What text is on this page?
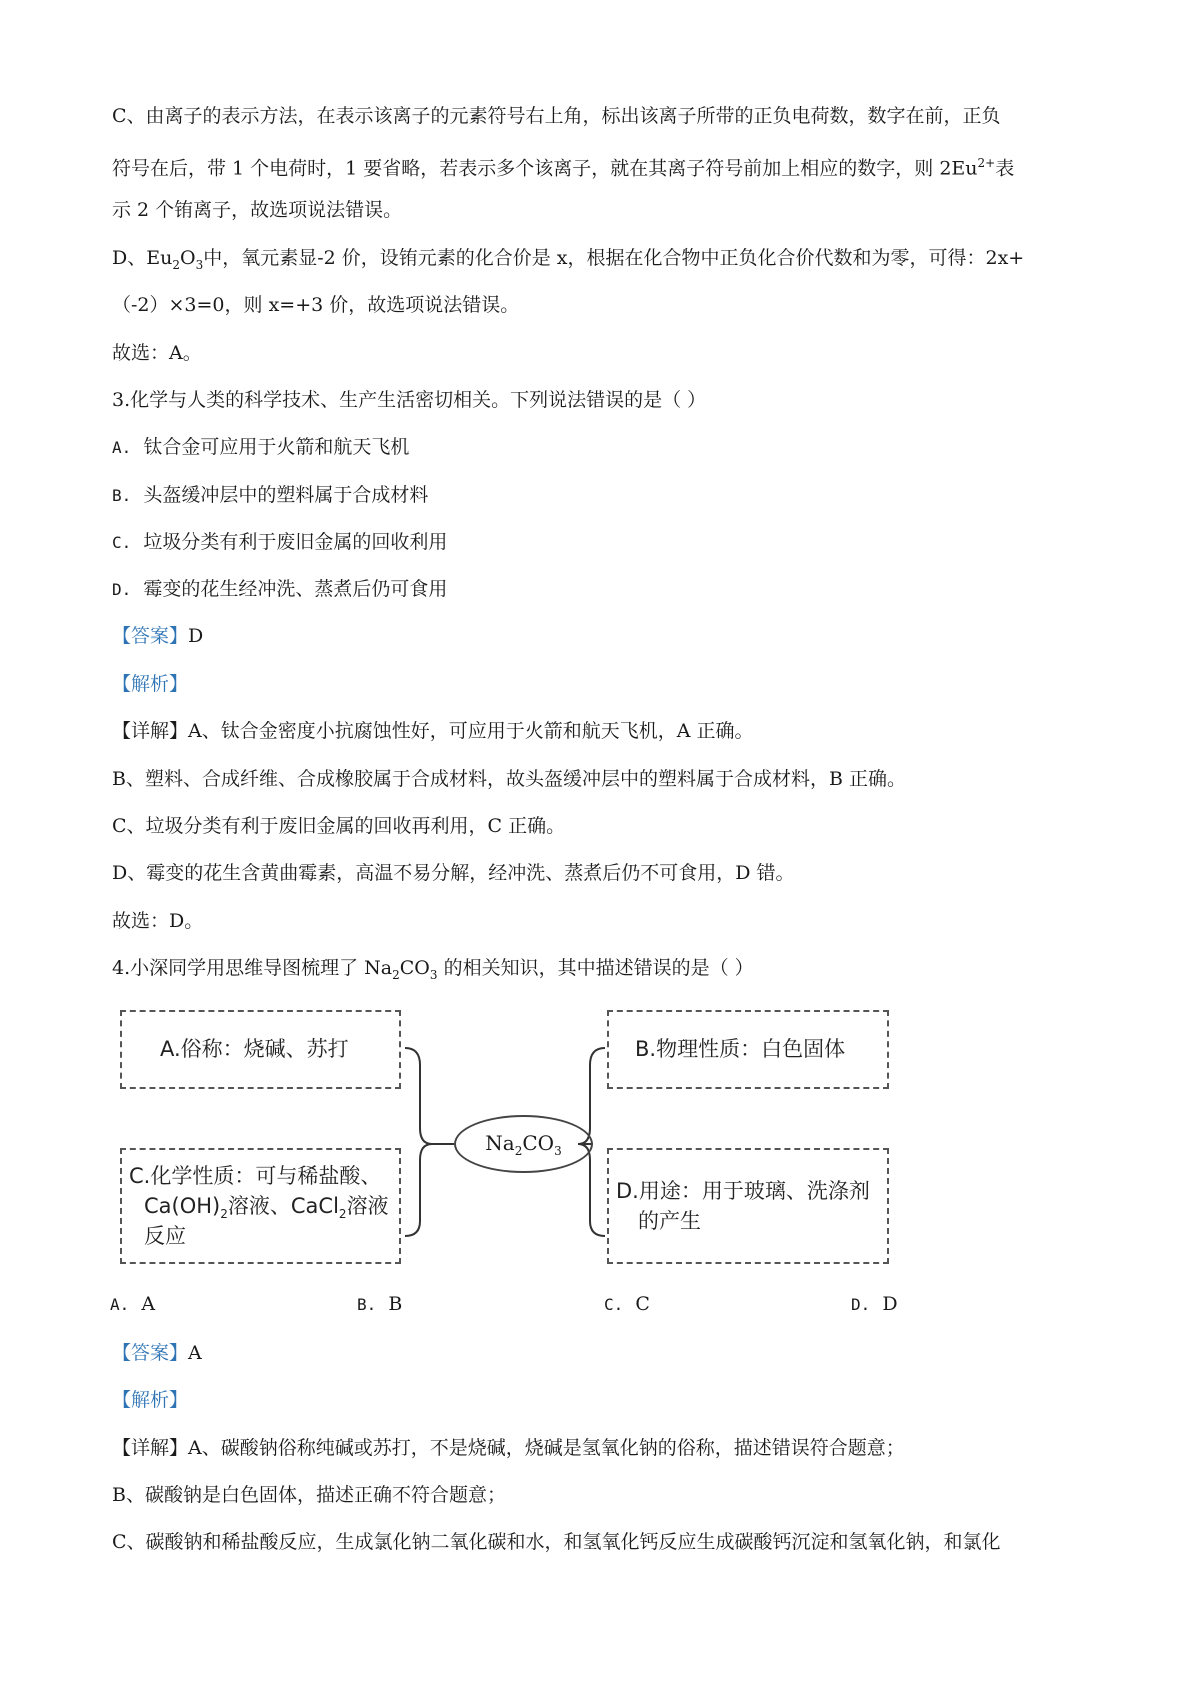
C、由离子的表示方法，在表示该离子的元素符号右上角，标出该离子所带的正负电荷数，数字在前，正负
符号在后，带 1 个电荷时，1 要省略，若表示多个该离子，就在其离子符号前加上相应的数字，则 $2Eu^{2+}$表
示 2 个铕离子，故选项说法错误。
D、$Eu_2O_3$中，氧元素显-2 价，设铕元素的化合价是 x，根据在化合物中正负化合价代数和为零，可得：2x+
（-2）×3=0，则 x=+3 价，故选项说法错误。
故选：A。
3.化学与人类的科学技术、生产生活密切相关。下列说法错误的是（ ）
A. 钛合金可应用于火箭和航天飞机
B. 头盔缓冲层中的塑料属于合成材料
C. 垃圾分类有利于废旧金属的回收利用
D. 霉变的花生经冲洗、蒸煮后仍可食用
【答案】D
【解析】
【详解】A、钛合金密度小抗腐蚀性好，可应用于火箭和航天飞机，A 正确。
B、塑料、合成纤维、合成橡胶属于合成材料，故头盔缓冲层中的塑料属于合成材料，B 正确。
C、垃圾分类有利于废旧金属的回收再利用，C 正确。
D、霉变的花生含黄曲霉素，高温不易分解，经冲洗、蒸煮后仍不可食用，D 错。
故选：D。
4.小深同学用思维导图梳理了 $Na_2CO_3$ 的相关知识，其中描述错误的是（ ）
A.俗称：烧碱、苏打	B.物理性质：白色固体
C.化学性质：可与稀盐酸、
$Ca(OH)_2$溶液、CaCl$_2$溶液
反应
D.用途：用于玻璃、洗涤剂
的产生
$Na_2CO_3$
A. A	B. B	C. C	D. D
【答案】A
【解析】
【详解】A、碳酸钠俗称纯碱或苏打，不是烧碱，烧碱是氢氧化钠的俗称，描述错误符合题意；
B、碳酸钠是白色固体，描述正确不符合题意；
C、碳酸钠和稀盐酸反应，生成氯化钠二氧化碳和水，和氢氧化钙反应生成碳酸钙沉淀和氢氧化钠，和氯化
